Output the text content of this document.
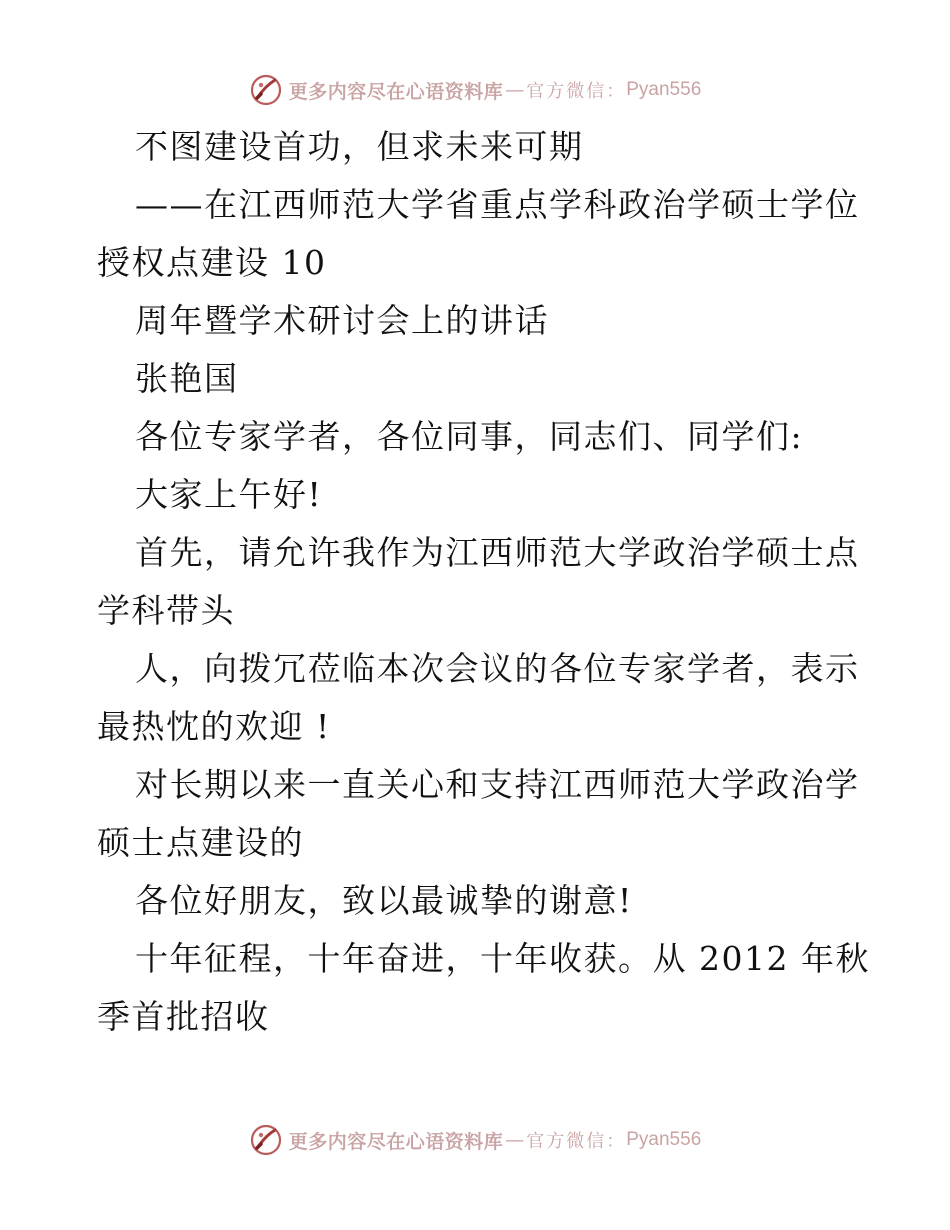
更多内容尽在心语资料库 — 官方微信： Pyan556
不图建设首功，但求未来可期
——在江西师范大学省重点学科政治学硕士学位
授权点建设 10
周年暨学术研讨会上的讲话
张艳国
各位专家学者，各位同事，同志们、同学们:
大家上午好!
首先，请允许我作为江西师范大学政治学硕士点
学科带头
人，向拨冗莅临本次会议的各位专家学者，表示
最热忱的欢迎 !
对长期以来一直关心和支持江西师范大学政治学
硕士点建设的
各位好朋友，致以最诚挚的谢意!
十年征程，十年奋进，十年收获。从 2012 年秋
季首批招收
更多内容尽在心语资料库 — 官方微信： Pyan556
